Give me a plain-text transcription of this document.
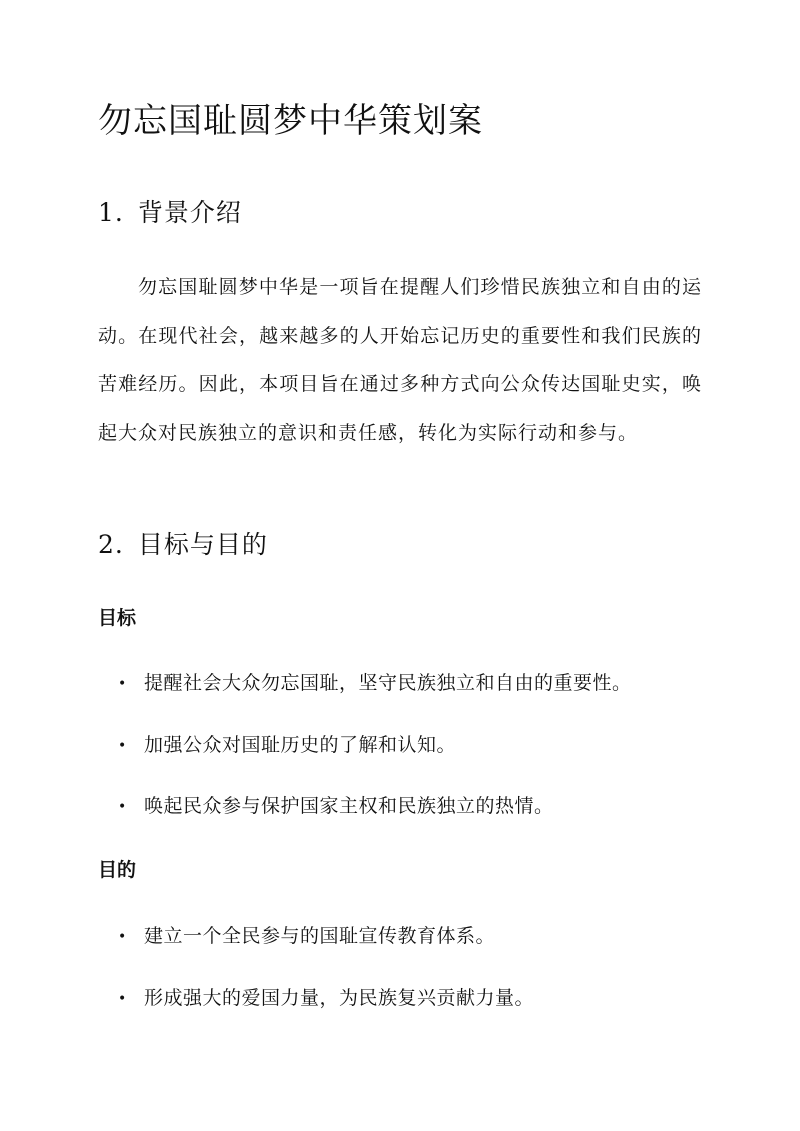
勿忘国耻圆梦中华策划案
1. 背景介绍

勿忘国耻圆梦中华是一项旨在提醒人们珍惜民族独立和自由的运动。在现代社会，越来越多的人开始忘记历史的重要性和我们民族的苦难经历。因此，本项目旨在通过多种方式向公众传达国耻史实，唤起大众对民族独立的意识和责任感，转化为实际行动和参与。

2. 目标与目的
目标

• 提醒社会大众勿忘国耻，坚守民族独立和自由的重要性。

• 加强公众对国耻历史的了解和认知。

• 唤起民众参与保护国家主权和民族独立的热情。

目的

• 建立一个全民参与的国耻宣传教育体系。

• 形成强大的爱国力量，为民族复兴贡献力量。
